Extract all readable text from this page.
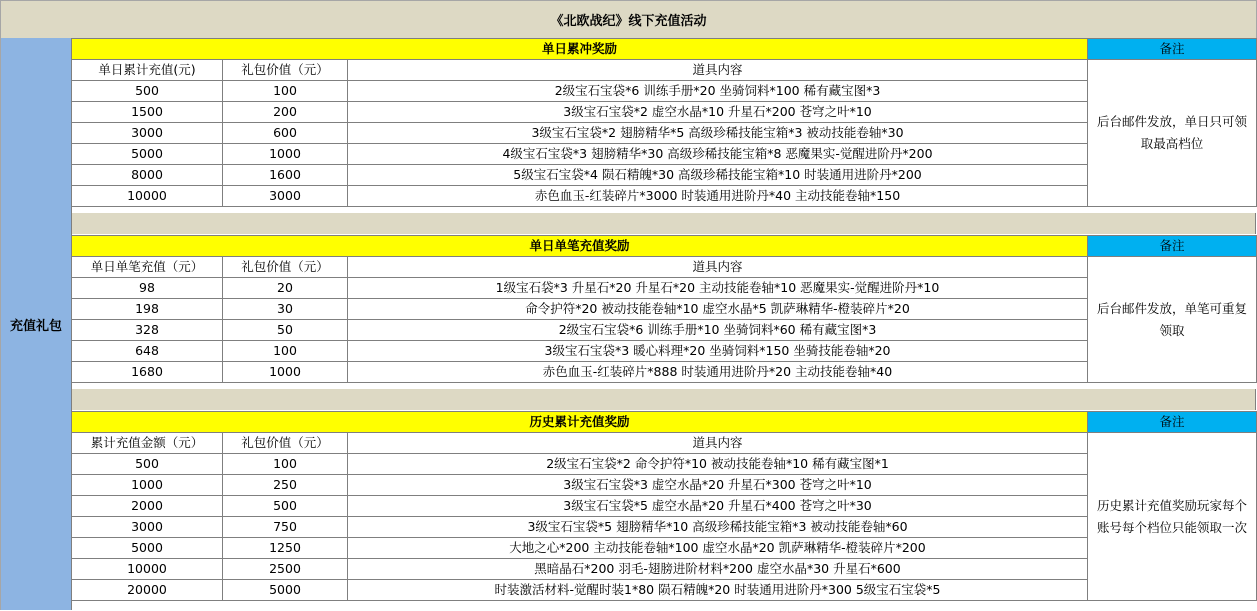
《北欧战纪》线下充值活动
充值礼包
单日累冲奖励			备注
单日累计充值(元)	礼包价值（元）	道具内容	后台邮件发放，单日只可领取最高档位
500	100	2级宝石宝袋*6 训练手册*20 坐骑饲料*100 稀有藏宝图*3	
1500	200	3级宝石宝袋*2 虚空水晶*10 升星石*200 苍穹之叶*10	
3000	600	3级宝石宝袋*2 翅膀精华*5 高级珍稀技能宝箱*3 被动技能卷轴*30	
5000	1000	4级宝石宝袋*3 翅膀精华*30 高级珍稀技能宝箱*8 恶魔果实-觉醒进阶丹*200	
8000	1600	5级宝石宝袋*4 陨石精魄*30 高级珍稀技能宝箱*10 时装通用进阶丹*200	
10000	3000	赤色血玉-红装碎片*3000 时装通用进阶丹*40 主动技能卷轴*150	
单日单笔充值奖励			备注
单日单笔充值（元）	礼包价值（元）	道具内容	后台邮件发放，单笔可重复领取
98	20	1级宝石袋*3 升星石*20 升星石*20 主动技能卷轴*10 恶魔果实-觉醒进阶丹*10	
198	30	命令护符*20 被动技能卷轴*10 虚空水晶*5 凯萨琳精华-橙装碎片*20	
328	50	2级宝石宝袋*6 训练手册*10 坐骑饲料*60 稀有藏宝图*3	
648	100	3级宝石宝袋*3 暖心料理*20 坐骑饲料*150 坐骑技能卷轴*20	
1680	1000	赤色血玉-红装碎片*888 时装通用进阶丹*20 主动技能卷轴*40	
历史累计充值奖励			备注
累计充值金额（元）	礼包价值（元）	道具内容	历史累计充值奖励玩家每个账号每个档位只能领取一次
500	100	2级宝石宝袋*2 命令护符*10 被动技能卷轴*10 稀有藏宝图*1	
1000	250	3级宝石宝袋*3 虚空水晶*20 升星石*300 苍穹之叶*10	
2000	500	3级宝石宝袋*5 虚空水晶*20 升星石*400 苍穹之叶*30	
3000	750	3级宝石宝袋*5 翅膀精华*10 高级珍稀技能宝箱*3 被动技能卷轴*60	
5000	1250	大地之心*200 主动技能卷轴*100 虚空水晶*20 凯萨琳精华-橙装碎片*200	
10000	2500	黑暗晶石*200 羽毛-翅膀进阶材料*200 虚空水晶*30 升星石*600	
20000	5000	时装激活材料-觉醒时装1*80 陨石精魄*20 时装通用进阶丹*300 5级宝石宝袋*5	
